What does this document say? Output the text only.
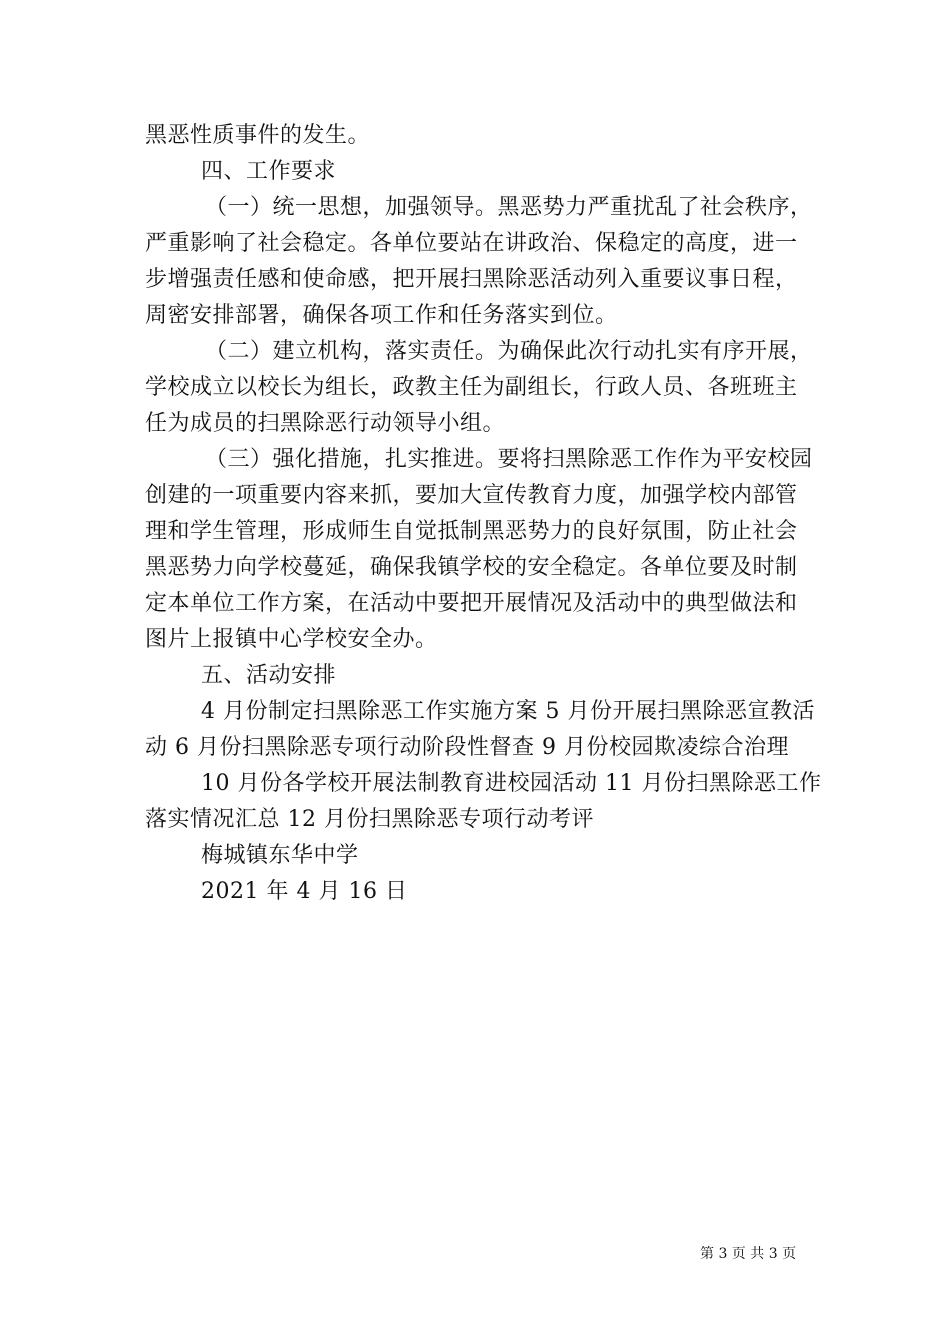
黑恶性质事件的发生。
四、工作要求
（一）统一思想，加强领导。黑恶势力严重扰乱了社会秩序，
严重影响了社会稳定。各单位要站在讲政治、保稳定的高度，进一
步增强责任感和使命感，把开展扫黑除恶活动列入重要议事日程，
周密安排部署，确保各项工作和任务落实到位。
（二）建立机构，落实责任。为确保此次行动扎实有序开展，
学校成立以校长为组长，政教主任为副组长，行政人员、各班班主
任为成员的扫黑除恶行动领导小组。
（三）强化措施，扎实推进。要将扫黑除恶工作作为平安校园
创建的一项重要内容来抓，要加大宣传教育力度，加强学校内部管
理和学生管理，形成师生自觉抵制黑恶势力的良好氛围，防止社会
黑恶势力向学校蔓延，确保我镇学校的安全稳定。各单位要及时制
定本单位工作方案，在活动中要把开展情况及活动中的典型做法和
图片上报镇中心学校安全办。
五、活动安排
4 月份制定扫黑除恶工作实施方案 5 月份开展扫黑除恶宣教活
动 6 月份扫黑除恶专项行动阶段性督查 9 月份校园欺凌综合治理
10 月份各学校开展法制教育进校园活动 11 月份扫黑除恶工作
落实情况汇总 12 月份扫黑除恶专项行动考评
梅城镇东华中学
2021 年 4 月 16 日
第 3 页 共 3 页
